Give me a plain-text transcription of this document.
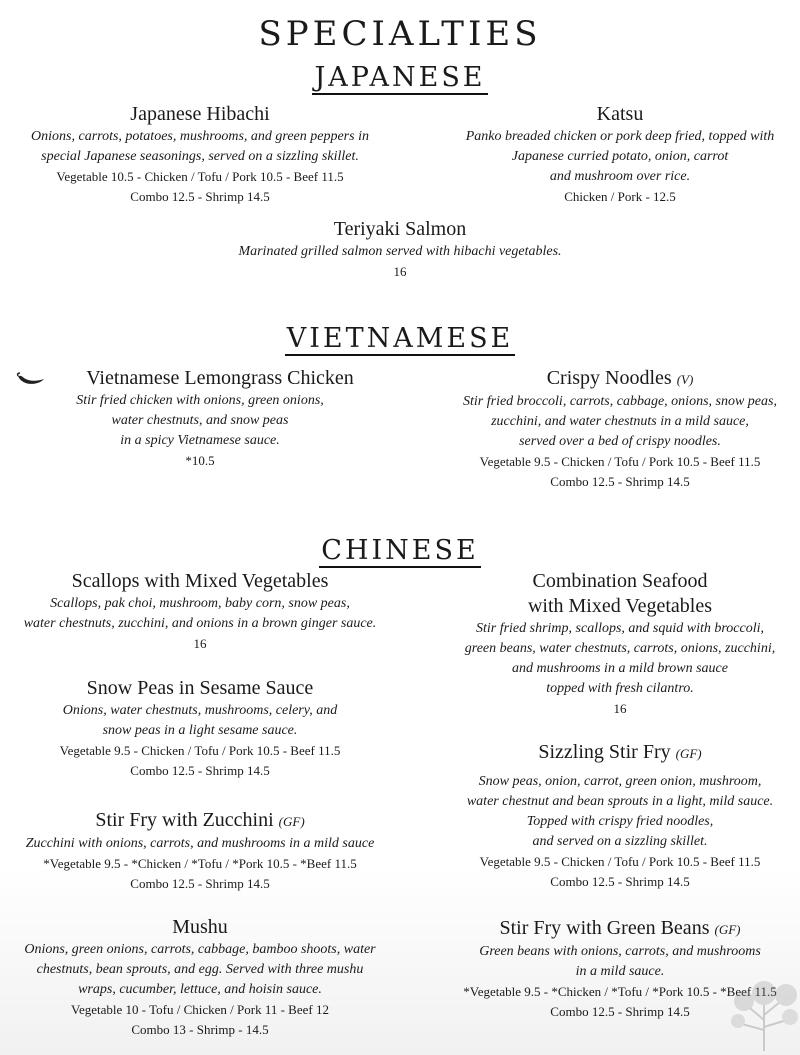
SPECIALTIES
JAPANESE
Japanese Hibachi
Onions, carrots, potatoes, mushrooms, and green peppers in
special Japanese seasonings, served on a sizzling skillet.
Vegetable 10.5 - Chicken / Tofu / Pork 10.5 - Beef 11.5
Combo 12.5 - Shrimp 14.5
Katsu
Panko breaded chicken or pork deep fried, topped with
Japanese curried potato, onion, carrot
and mushroom over rice.
Chicken / Pork - 12.5
Teriyaki Salmon
Marinated grilled salmon served with hibachi vegetables.
16
VIETNAMESE
Vietnamese Lemongrass Chicken
Stir fried chicken with onions, green onions,
water chestnuts, and snow peas
in a spicy Vietnamese sauce.
*10.5
Crispy Noodles (V)
Stir fried broccoli, carrots, cabbage, onions, snow peas,
zucchini, and water chestnuts in a mild sauce,
served over a bed of crispy noodles.
Vegetable 9.5 - Chicken / Tofu / Pork 10.5 - Beef 11.5
Combo 12.5 - Shrimp 14.5
CHINESE
Scallops with Mixed Vegetables
Scallops, pak choi, mushroom, baby corn, snow peas,
water chestnuts, zucchini, and onions in a brown ginger sauce.
16
Snow Peas in Sesame Sauce
Onions, water chestnuts, mushrooms, celery, and
snow peas in a light sesame sauce.
Vegetable 9.5 - Chicken / Tofu / Pork 10.5 - Beef 11.5
Combo 12.5 - Shrimp 14.5
Stir Fry with Zucchini (GF)
Zucchini with onions, carrots, and mushrooms in a mild sauce
*Vegetable 9.5 - *Chicken / *Tofu / *Pork 10.5 - *Beef 11.5
Combo 12.5 - Shrimp 14.5
Mushu
Onions, green onions, carrots, cabbage, bamboo shoots, water
chestnuts, bean sprouts, and egg. Served with three mushu
wraps, cucumber, lettuce, and hoisin sauce.
Vegetable 10 - Tofu / Chicken / Pork 11 - Beef 12
Combo 13 - Shrimp - 14.5
Combination Seafood
with Mixed Vegetables
Stir fried shrimp, scallops, and squid with broccoli,
green beans, water chestnuts, carrots, onions, zucchini,
and mushrooms in a mild brown sauce
topped with fresh cilantro.
16
Sizzling Stir Fry (GF)
Snow peas, onion, carrot, green onion, mushroom,
water chestnut and bean sprouts in a light, mild sauce.
Topped with crispy fried noodles,
and served on a sizzling skillet.
Vegetable 9.5 - Chicken / Tofu / Pork 10.5 - Beef 11.5
Combo 12.5 - Shrimp 14.5
Stir Fry with Green Beans (GF)
Green beans with onions, carrots, and mushrooms
in a mild sauce.
*Vegetable 9.5 - *Chicken / *Tofu / *Pork 10.5 - *Beef 11.5
Combo 12.5 - Shrimp 14.5
